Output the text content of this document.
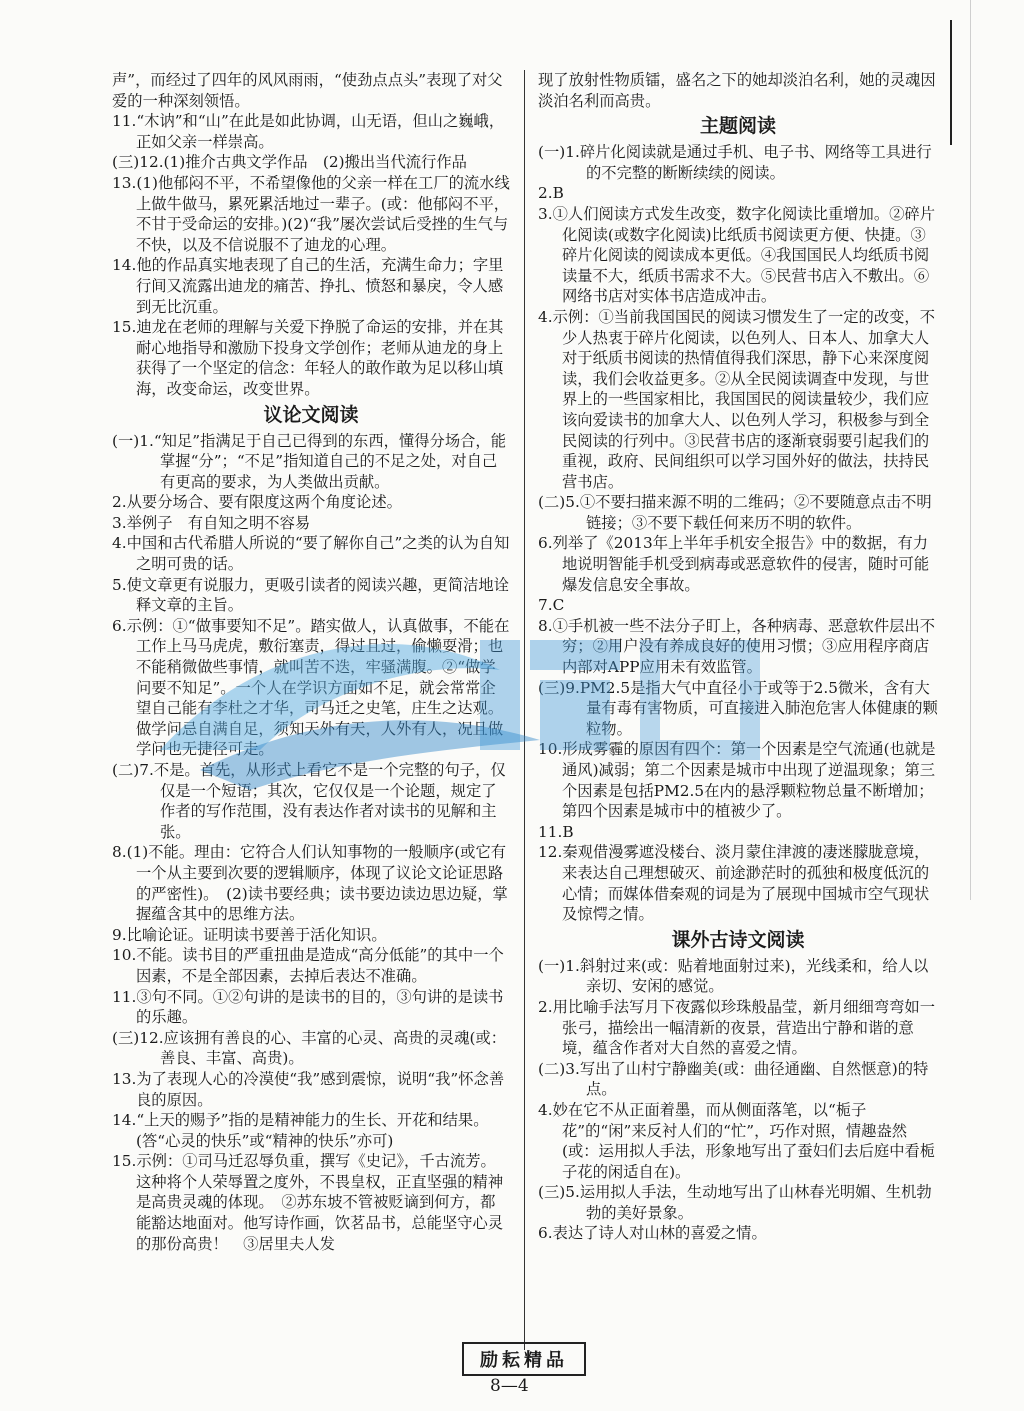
声”，而经过了四年的风风雨雨，“使劲点点头”表现了对父爱的一种深刻领悟。

11.“木讷”和“山”在此是如此协调，山无语，但山之巍峨，正如父亲一样崇高。

(三)12.(1)推介古典文学作品　(2)搬出当代流行作品

13.(1)他郁闷不平，不希望像他的父亲一样在工厂的流水线上做牛做马，累死累活地过一辈子。(或：他郁闷不平，不甘于受命运的安排。)(2)“我”屡次尝试后受挫的生气与不快，以及不信说服不了迪龙的心理。

14.他的作品真实地表现了自己的生活，充满生命力；字里行间又流露出迪龙的痛苦、挣扎、愤怒和暴戾，令人感到无比沉重。

15.迪龙在老师的理解与关爱下挣脱了命运的安排，并在其耐心地指导和激励下投身文学创作；老师从迪龙的身上获得了一个坚定的信念：年轻人的敢作敢为足以移山填海，改变命运，改变世界。

议论文阅读

(一)1.“知足”指满足于自己已得到的东西，懂得分场合，能掌握“分”；“不足”指知道自己的不足之处，对自己有更高的要求，为人类做出贡献。

2.从要分场合、要有限度这两个角度论述。

3.举例子　有自知之明不容易

4.中国和古代希腊人所说的“要了解你自己”之类的认为自知之明可贵的话。

5.使文章更有说服力，更吸引读者的阅读兴趣，更简洁地诠释文章的主旨。

6.示例：①“做事要知不足”。踏实做人，认真做事，不能在工作上马马虎虎，敷衍塞责，得过且过，偷懒耍滑；也不能稍微做些事情，就叫苦不迭，牢骚满腹。②“做学问要不知足”。一个人在学识方面如不足，就会常常企望自己能有李杜之才华，司马迁之史笔，庄生之达观。做学问忌自满自足，须知天外有天，人外有人，况且做学问也无捷径可走。

(二)7.不是。首先，从形式上看它不是一个完整的句子，仅仅是一个短语；其次，它仅仅是一个论题，规定了作者的写作范围，没有表达作者对读书的见解和主张。

8.(1)不能。理由：它符合人们认知事物的一般顺序(或它有一个从主要到次要的逻辑顺序，体现了议论文论证思路的严密性)。　(2)读书要经典；读书要边读边思边疑，掌握蕴含其中的思维方法。

9.比喻论证。证明读书要善于活化知识。

10.不能。读书目的严重扭曲是造成“高分低能”的其中一个因素，不是全部因素，去掉后表达不准确。

11.③句不同。①②句讲的是读书的目的，③句讲的是读书的乐趣。

(三)12.应该拥有善良的心、丰富的心灵、高贵的灵魂(或：善良、丰富、高贵)。

13.为了表现人心的冷漠使“我”感到震惊，说明“我”怀念善良的原因。

14.“上天的赐予”指的是精神能力的生长、开花和结果。(答“心灵的快乐”或“精神的快乐”亦可)

15.示例：①司马迁忍辱负重，撰写《史记》，千古流芳。这种将个人荣辱置之度外，不畏皇权，正直坚强的精神是高贵灵魂的体现。　②苏东坡不管被贬谪到何方，都能豁达地面对。他写诗作画，饮茗品书，总能坚守心灵的那份高贵！　③居里夫人发

现了放射性物质镭，盛名之下的她却淡泊名利，她的灵魂因淡泊名利而高贵。

主题阅读

(一)1.碎片化阅读就是通过手机、电子书、网络等工具进行的不完整的断断续续的阅读。

2.B

3.①人们阅读方式发生改变，数字化阅读比重增加。②碎片化阅读(或数字化阅读)比纸质书阅读更方便、快捷。③碎片化阅读的阅读成本更低。④我国国民人均纸质书阅读量不大，纸质书需求不大。⑤民营书店入不敷出。⑥网络书店对实体书店造成冲击。

4.示例：①当前我国国民的阅读习惯发生了一定的改变，不少人热衷于碎片化阅读，以色列人、日本人、加拿大人对于纸质书阅读的热情值得我们深思，静下心来深度阅读，我们会收益更多。②从全民阅读调查中发现，与世界上的一些国家相比，我国国民的阅读量较少，我们应该向爱读书的加拿大人、以色列人学习，积极参与到全民阅读的行列中。③民营书店的逐渐衰弱要引起我们的重视，政府、民间组织可以学习国外好的做法，扶持民营书店。

(二)5.①不要扫描来源不明的二维码；②不要随意点击不明链接；③不要下载任何来历不明的软件。

6.列举了《2013年上半年手机安全报告》中的数据，有力地说明智能手机受到病毒或恶意软件的侵害，随时可能爆发信息安全事故。

7.C

8.①手机被一些不法分子盯上，各种病毒、恶意软件层出不穷；②用户没有养成良好的使用习惯；③应用程序商店内部对APP应用未有效监管。

(三)9.PM2.5是指大气中直径小于或等于2.5微米，含有大量有毒有害物质，可直接进入肺泡危害人体健康的颗粒物。

10.形成雾霾的原因有四个：第一个因素是空气流通(也就是通风)减弱；第二个因素是城市中出现了逆温现象；第三个因素是包括PM2.5在内的悬浮颗粒物总量不断增加；第四个因素是城市中的植被少了。

11.B

12.秦观借漫雾遮没楼台、淡月蒙住津渡的凄迷朦胧意境，来表达自己理想破灭、前途渺茫时的孤独和极度低沉的心情；而媒体借秦观的词是为了展现中国城市空气现状及惊愕之情。

课外古诗文阅读

(一)1.斜射过来(或：贴着地面射过来)，光线柔和，给人以亲切、安闲的感觉。

2.用比喻手法写月下夜露似珍珠般晶莹，新月细细弯弯如一张弓，描绘出一幅清新的夜景，营造出宁静和谐的意境，蕴含作者对大自然的喜爱之情。

(二)3.写出了山村宁静幽美(或：曲径通幽、自然惬意)的特点。

4.妙在它不从正面着墨，而从侧面落笔，以“栀子花”的“闲”来反衬人们的“忙”，巧作对照，情趣盎然(或：运用拟人手法，形象地写出了蚕妇们去后庭中看栀子花的闲适自在)。

(三)5.运用拟人手法，生动地写出了山林春光明媚、生机勃勃的美好景象。

6.表达了诗人对山林的喜爱之情。

励耘精品
8—4
